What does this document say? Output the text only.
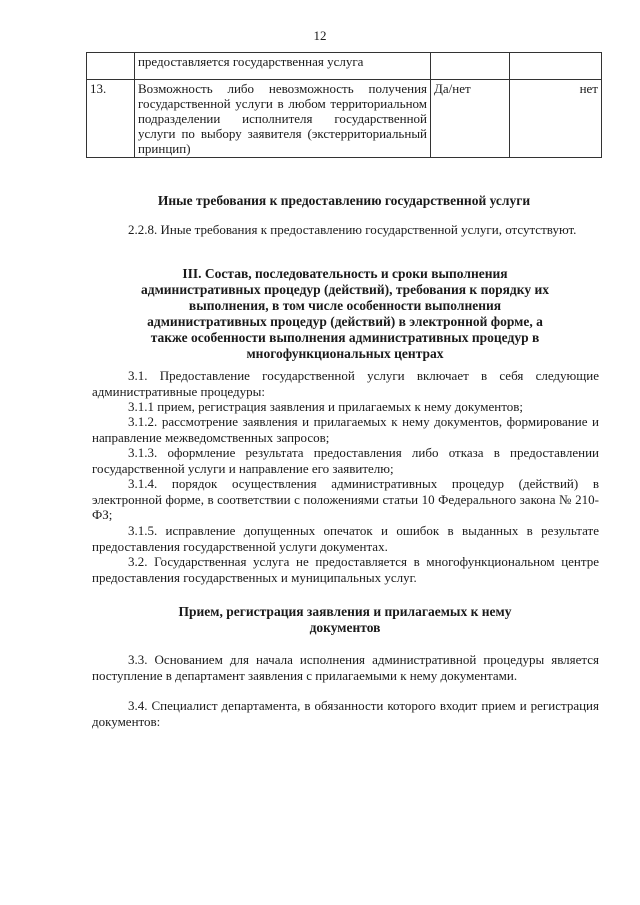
12
	предоставляется государственная услуга		
13.	Возможность либо невозможность получения государственной услуги в любом территориальном подразделении исполнителя государственной услуги по выбору заявителя (экстерриториальный принцип)	Да/нет	нет
Иные требования к предоставлению государственной услуги
2.2.8. Иные требования к предоставлению государственной услуги, отсутствуют.
III. Состав, последовательность и сроки выполнения административных процедур (действий), требования к порядку их выполнения, в том числе особенности выполнения административных процедур (действий) в электронной форме, а также особенности выполнения административных процедур в многофункциональных центрах
3.1. Предоставление государственной услуги включает в себя следующие административные процедуры:
3.1.1 прием, регистрация заявления и прилагаемых к нему документов;
3.1.2. рассмотрение заявления и прилагаемых к нему документов, формирование и направление межведомственных запросов;
3.1.3. оформление результата предоставления либо отказа в предоставлении государственной услуги и направление его заявителю;
3.1.4. порядок осуществления административных процедур (действий) в электронной форме, в соответствии с положениями статьи 10 Федерального закона № 210-ФЗ;
3.1.5. исправление допущенных опечаток и ошибок в выданных в результате предоставления государственной услуги документах.
3.2. Государственная услуга не предоставляется в многофункциональном центре предоставления государственных и муниципальных услуг.
Прием, регистрация заявления и прилагаемых к нему документов
3.3. Основанием для начала исполнения административной процедуры является поступление в департамент заявления с прилагаемыми к нему документами.
3.4. Специалист департамента, в обязанности которого входит прием и регистрация документов:
